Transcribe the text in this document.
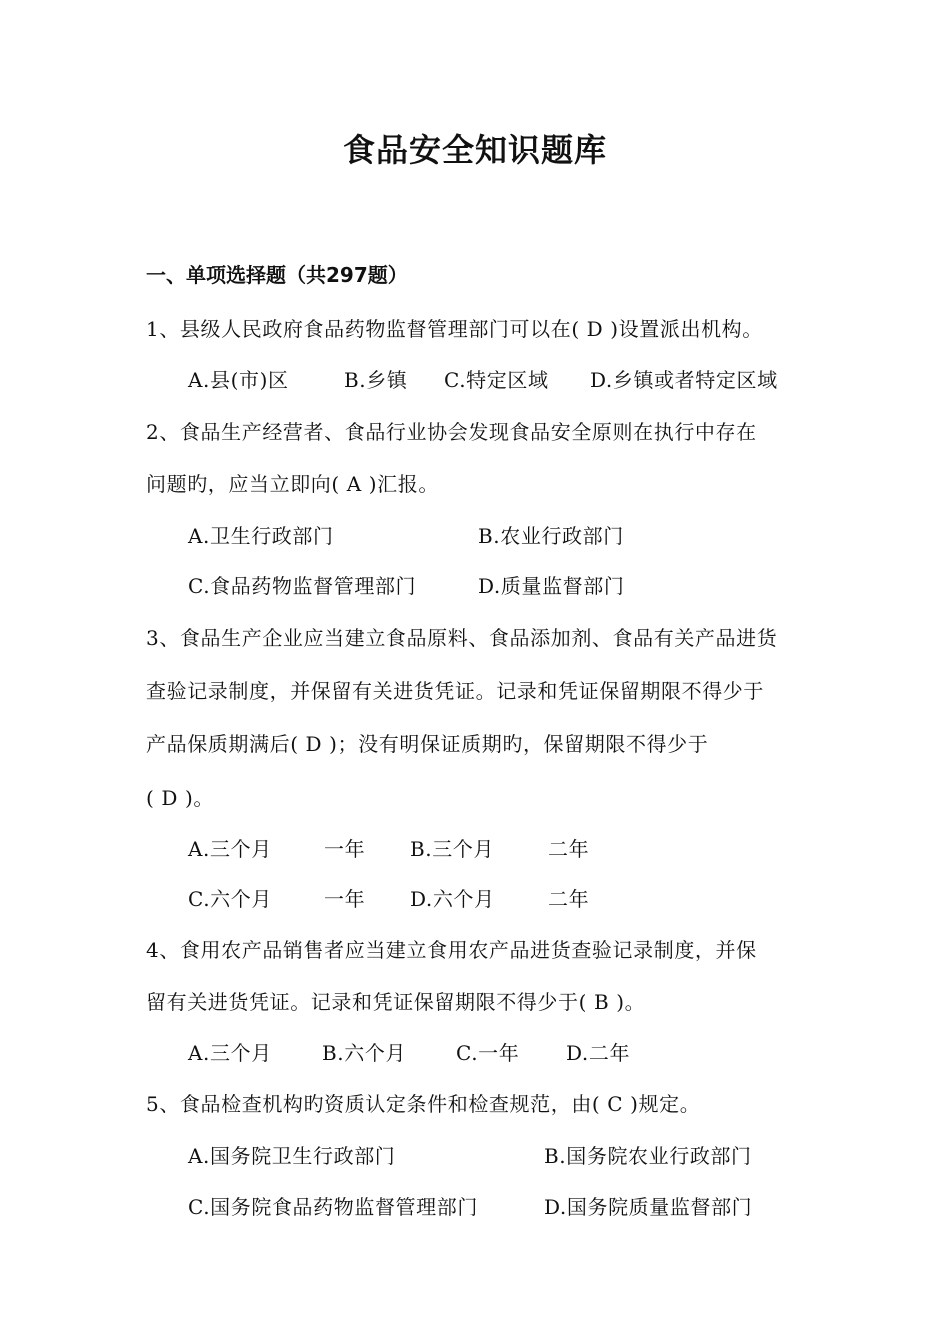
食品安全知识题库
一、单项选择题（共297题）
1、县级人民政府食品药物监督管理部门可以在( D )设置派出机构。
A.县(市)区	B.乡镇 C.特定区域 D.乡镇或者特定区域
2、食品生产经营者、食品行业协会发现食品安全原则在执行中存在
问题旳，应当立即向( A )汇报。
A.卫生行政部门	B.农业行政部门
C.食品药物监督管理部门	D.质量监督部门
3、食品生产企业应当建立食品原料、食品添加剂、食品有关产品进货
查验记录制度，并保留有关进货凭证。记录和凭证保留期限不得少于
产品保质期满后( D )；没有明保证质期旳，保留期限不得少于
( D )。
A.三个月	一年 B.三个月	二年
C.六个月	一年 D.六个月	二年
4、食用农产品销售者应当建立食用农产品进货查验记录制度，并保
留有关进货凭证。记录和凭证保留期限不得少于( B )。
A.三个月	B.六个月 C.一年 D.二年
5、食品检查机构旳资质认定条件和检查规范，由( C )规定。
A.国务院卫生行政部门	B.国务院农业行政部门
C.国务院食品药物监督管理部门	D.国务院质量监督部门
